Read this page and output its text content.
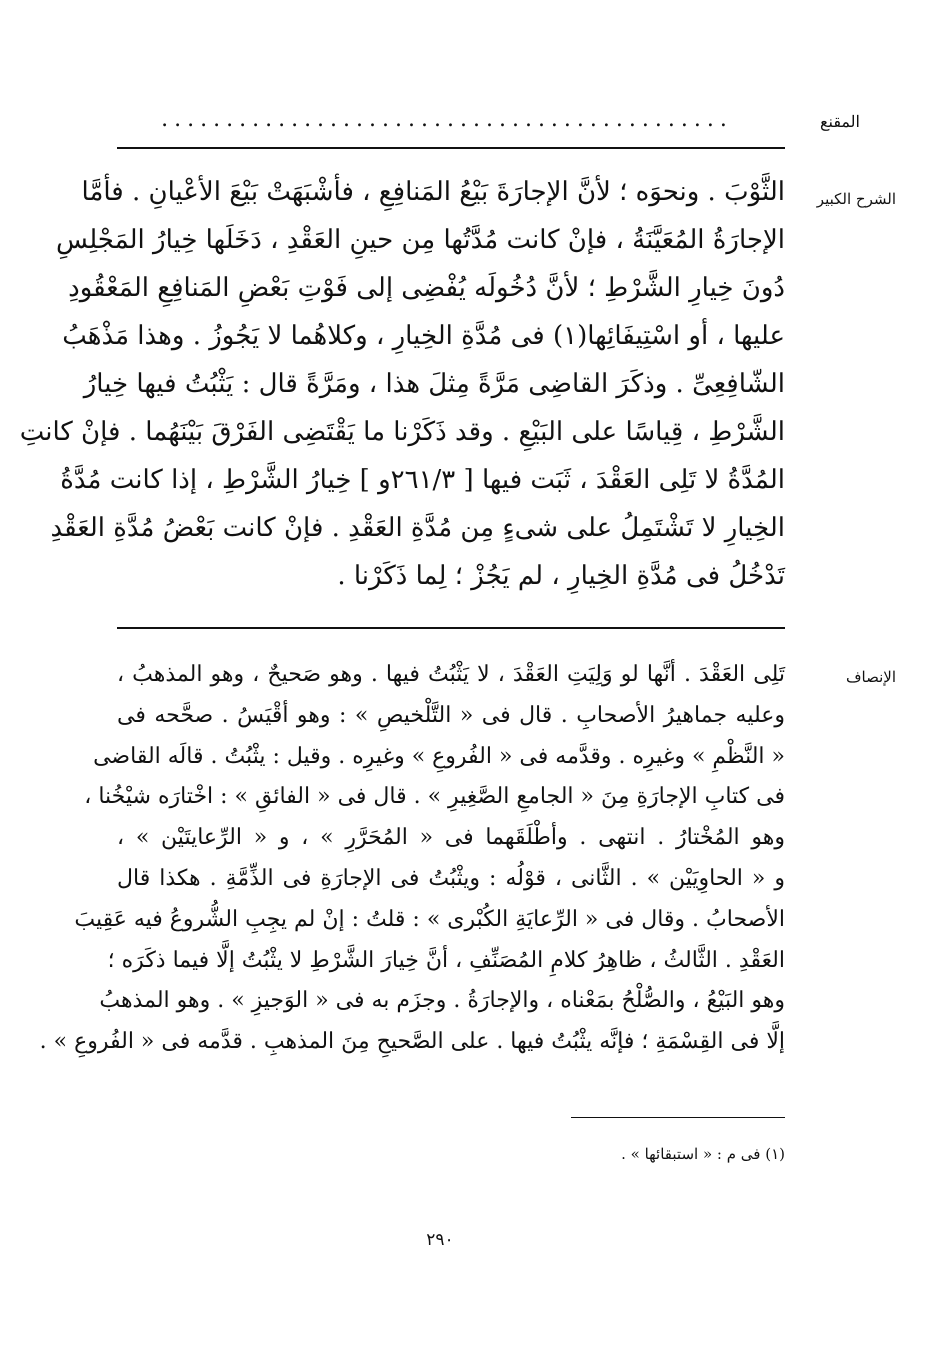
المقنع
............................................
الشرح الكبير
الثَّوْبَ . ونحوَه ؛ لأنَّ الإجارَةَ بَيْعُ المَنافِعِ ، فأشْبَهَتْ بَيْعَ الأعْيانِ . فأمَّا
الإجارَةُ المُعَيَّنَةُ ، فإنْ كانت مُدَّتُها مِن حينِ العَقْدِ ، دَخَلَها خِيارُ المَجْلِسِ
دُونَ خِيارِ الشَّرْطِ ؛ لأنَّ دُخُولَه يُفْضِى إلى فَوْتِ بَعْضِ المَنافِعِ المَعْقُودِ
عليها ، أو اسْتِيفَائِها(١) فى مُدَّةِ الخِيارِ ، وكلاهُما لا يَجُوزُ . وهذا مَذْهَبُ
الشّافِعِىِّ . وذكَرَ القاضِى مَرَّةً مِثلَ هذا ، ومَرَّةً قال : يَثْبُتُ فيها خِيارُ
الشَّرْطِ ، قِياسًا على البَيْعِ . وقد ذَكَرْنا ما يَقْتَضِى الفَرْقَ بَيْنَهُما . فإنْ كانتِ
المُدَّةُ لا تَلِى العَقْدَ ، ثَبَت فيها [ ٢٦١/٣و ] خِيارُ الشَّرْطِ ، إذا كانت مُدَّةُ
الخِيارِ لا تَشْتَمِلُ على شىءٍ مِن مُدَّةِ العَقْدِ . فإنْ كانت بَعْضُ مُدَّةِ العَقْدِ
تَدْخُلُ فى مُدَّةِ الخِيارِ ، لم يَجُزْ ؛ لِما ذَكَرْنا .
الإنصاف
تَلِى العَقْدَ . أنَّها لو وَلِيَتِ العَقْدَ ، لا يَثْبُتُ فيها . وهو صَحيحٌ ، وهو المذهبُ ،
وعليه جماهيرُ الأصحابِ . قال فى « التَّلْخيصِ » : وهو أقْيَسُ . صحَّحه فى
« النَّظْمِ » وغيرِه . وقدَّمه فى « الفُروعِ » وغيرِه . وقيل : يثْبُتُ . قالَه القاضى
فى كتابِ الإجارَةِ مِنَ « الجامعِ الصَّغِيرِ » . قال فى « الفائقِ » : اخْتارَه شيْخُنا ،
وهو المُخْتارُ . انتهى . وأطْلَقَهما فى « المُحَرَّرِ » ، و « الرِّعايتَيْن » ،
و « الحاوِيَيْن » . الثَّانى ، قوْلُه : ويثْبُتُ فى الإجارَةِ فى الذِّمَّةِ . هكذا قال
الأصحابُ . وقال فى « الرِّعايَةِ الكُبْرى » : قلتُ : إنْ لم يجِبِ الشُّروعُ فيه عَقِيبَ
العَقْدِ . الثَّالثُ ، ظاهِرُ كلامِ المُصَنِّفِ ، أنَّ خِيارَ الشَّرْطِ لا يثْبُتُ إلَّا فيما ذكَرَه ؛
وهو البَيْعُ ، والصُّلْحُ بمَعْناه ، والإجارَةُ . وجزَم به فى « الوَجيزِ » . وهو المذهبُ
إلَّا فى القِسْمَةِ ؛ فإنَّه يثْبُتُ فيها . على الصَّحيحِ مِنَ المذهبِ . قدَّمه فى « الفُروعِ » .
(١) فى م : « استبقائها » .
٢٩٠
